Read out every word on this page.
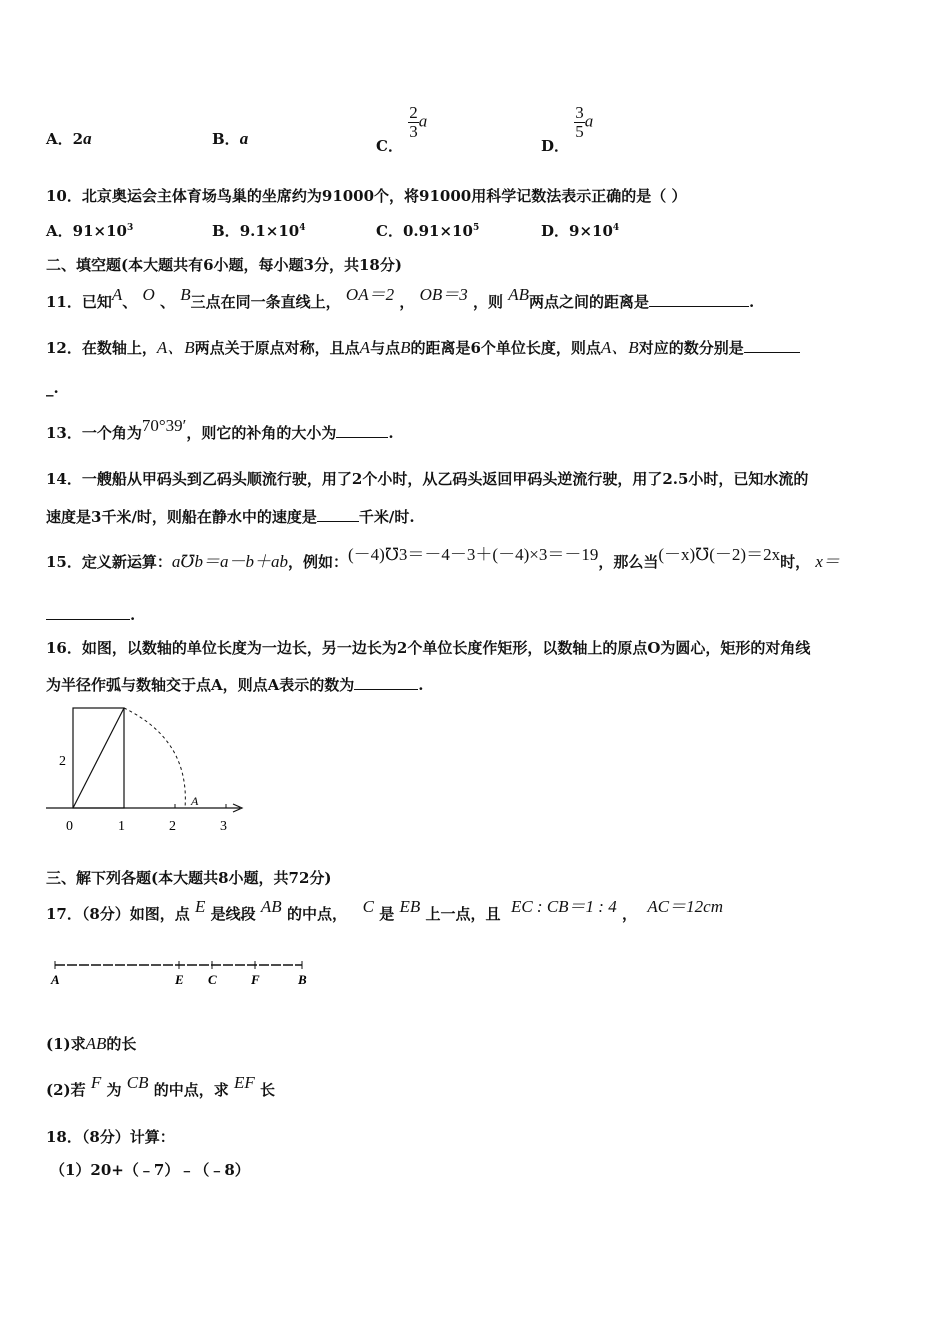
A．2a	B．a	C．
$\frac{2}{3}$ a
D．
$\frac{3}{5}$ a
10．北京奥运会主体育场鸟巢的坐席约为91000个，将91000用科学记数法表示正确的是（ ）
A．$91\times 10^3$	B．$9.1\times 10^4$	C．$0.91\times 10^5$	D．$9\times 10^4$
二、填空题(本大题共有6小题，每小题3分，共18分)
11．已知A、 O 、 B三点在同一条直线上， OA＝2 ， OB＝3 ，则 AB两点之间的距离是	.
12．在数轴上，A、B两点关于原点对称，且点A与点B的距离是6个单位长度，则点A、B对应的数分别是
_.
13．一个角为70°39′，则它的补角的大小为	.
14．一艘船从甲码头到乙码头顺流行驶，用了2个小时，从乙码头返回甲码头逆流行驶，用了2.5小时，已知水流的
速度是3千米/时，则船在静水中的速度是	千米/时.
15．定义新运算：a℧b＝a－b＋ab，例如：(－4)℧3＝－4－3＋(－4)×3＝－19，那么当(－x)℧(－2)＝2x时， x＝
.
16．如图，以数轴的单位长度为一边长，另一边长为2个单位长度作矩形，以数轴上的原点O为圆心，矩形的对角线
为半径作弧与数轴交于点A，则点A表示的数为	.
2
0	1	2	3
A
三、解下列各题(本大题共8小题，共72分)
17．（8分）如图，点 E 是线段 AB 的中点， C 是 EB 上一点，且 EC : CB＝1 : 4 ， AC＝12cm
A	E C	F	B
(1)求AB的长
(2)若 F 为 CB 的中点，求 EF 长
18．（8分）计算：
（1）20+（﹣7）﹣（﹣8）
